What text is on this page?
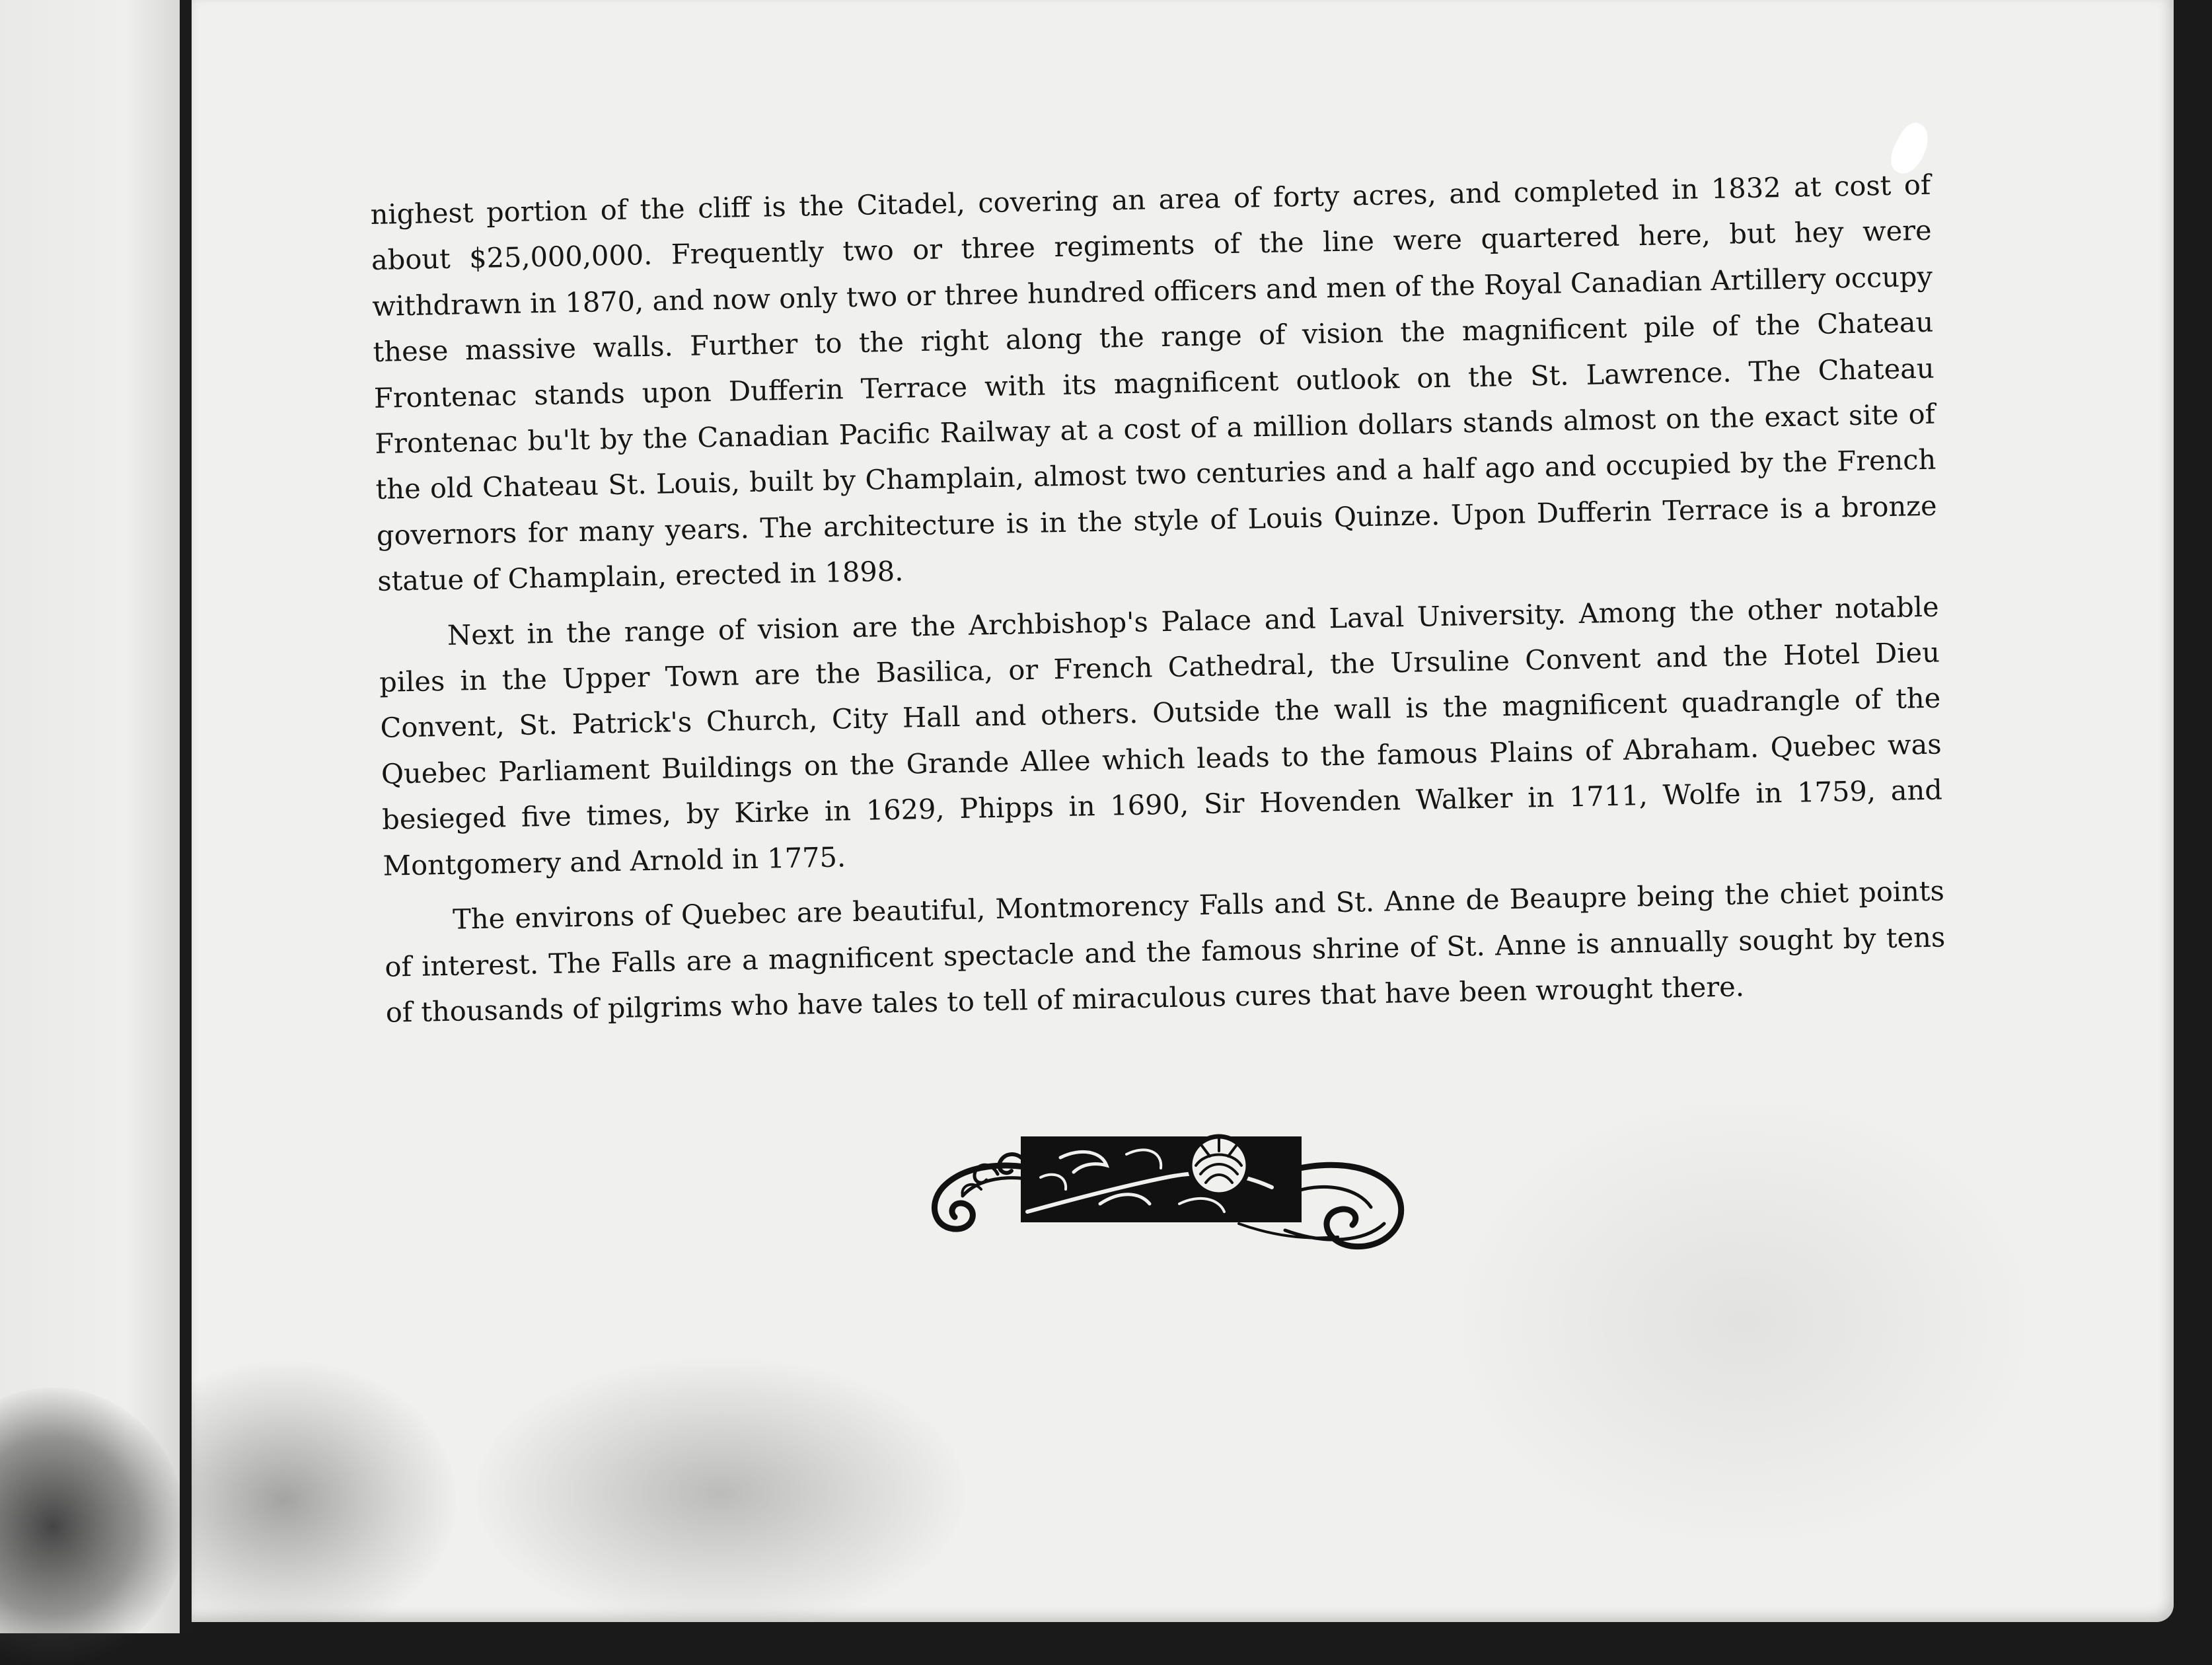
nighest portion of the cliff is the Citadel, covering an area of forty acres, and completed in 1832 at cost of about $25,000,000. Frequently two or three regiments of the line were quartered here, but hey were withdrawn in 1870, and now only two or three hundred officers and men of the Royal Canadian Artillery occupy these massive walls. Further to the right along the range of vision the magnificent pile of the Chateau Frontenac stands upon Dufferin Terrace with its magnificent outlook on the St. Lawrence. The Chateau Frontenac bu'lt by the Canadian Pacific Railway at a cost of a million dollars stands almost on the exact site of the old Chateau St. Louis, built by Champlain, almost two centuries and a half ago and occupied by the French governors for many years. The architecture is in the style of Louis Quinze. Upon Dufferin Terrace is a bronze statue of Champlain, erected in 1898.

Next in the range of vision are the Archbishop's Palace and Laval University. Among the other notable piles in the Upper Town are the Basilica, or French Cathedral, the Ursuline Convent and the Hotel Dieu Convent, St. Patrick's Church, City Hall and others. Outside the wall is the magnificent quadrangle of the Quebec Parliament Buildings on the Grande Allee which leads to the famous Plains of Abraham. Quebec was besieged five times, by Kirke in 1629, Phipps in 1690, Sir Hovenden Walker in 1711, Wolfe in 1759, and Montgomery and Arnold in 1775.

The environs of Quebec are beautiful, Montmorency Falls and St. Anne de Beaupre being the chiet points of interest. The Falls are a magnificent spectacle and the famous shrine of St. Anne is annually sought by tens of thousands of pilgrims who have tales to tell of miraculous cures that have been wrought there.
